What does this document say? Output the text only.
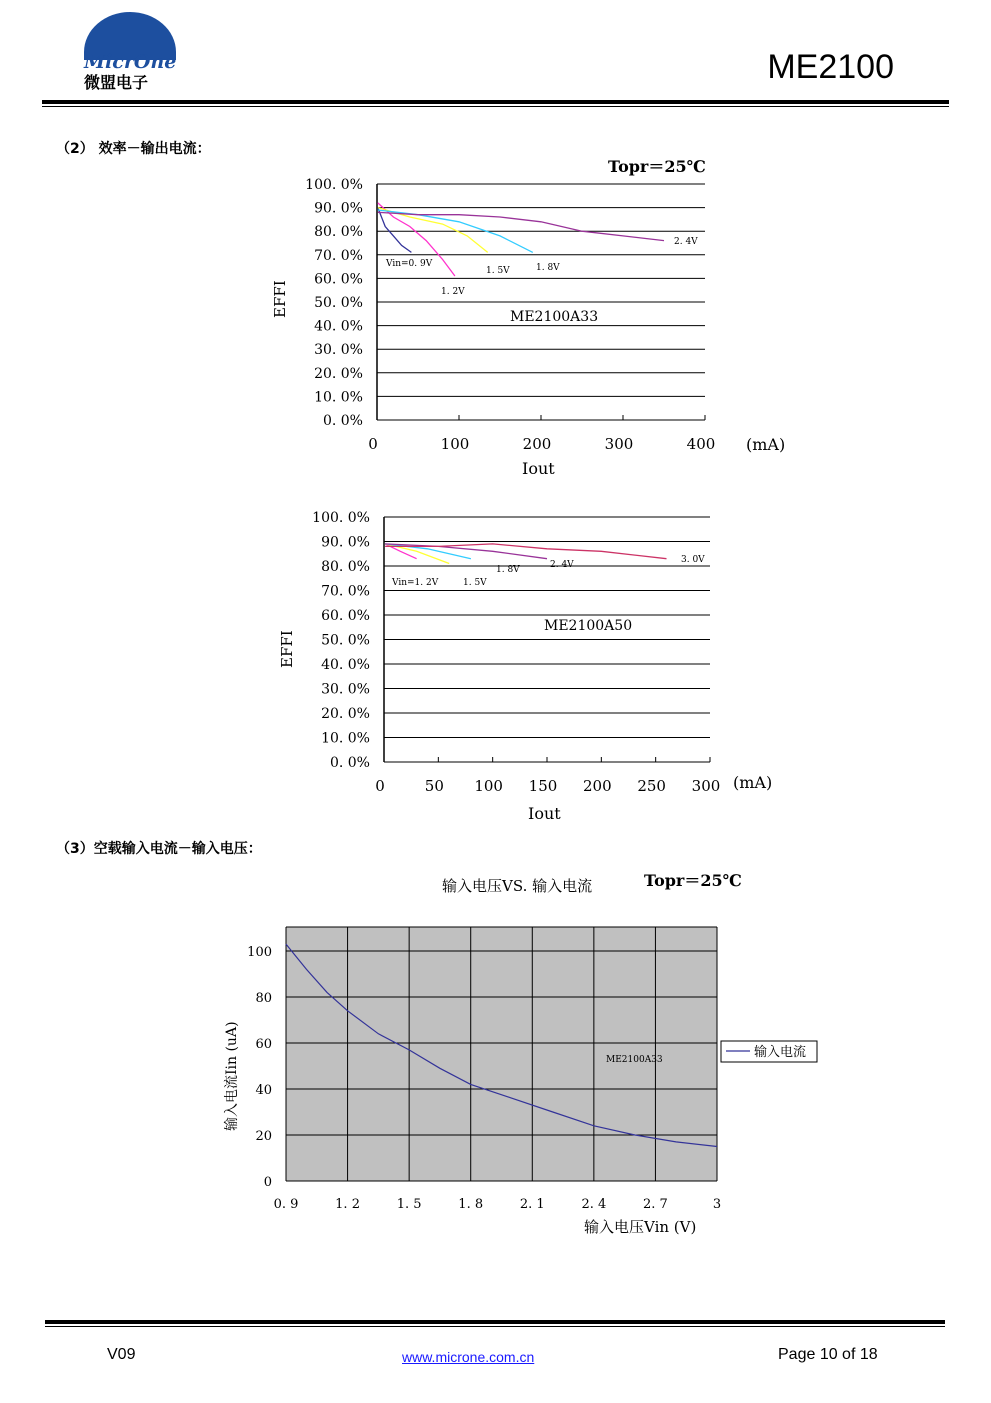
MicrOne
微盟电子	ME2100
（2） 效率－输出电流：
Topr＝25℃
100. 0%
90. 0%
80. 0%
70. 0%
60. 0%
50. 0%
40. 0%
30. 0%
20. 0%
10. 0%
0. 0%
0	100	200	300	400
EFFI
Iout
(mA)
ME2100A33
Vin=0. 9V
1. 2V
1. 5V	1. 8V
2. 4V
100. 0%
90. 0%
80. 0%
70. 0%
60. 0%
50. 0%
40. 0%
30. 0%
20. 0%
10. 0%
0. 0%
0	50 100 150 200 250 300
EFFI
Iout
(mA)
ME2100A50
Vin=1. 2V	1. 5V
1. 8V	2. 4V	3. 0V
（3）空载输入电流－输入电压：
输入电压VS. 输入电流	Topr＝25℃
100
80
60
40
20
0
0. 9	1. 2	1. 5	1. 8	2. 1	2. 4	2. 7	3
输入电流Iin (uA)
输入电压Vin (V)
ME2100A33	输入电流
V09	www.microne.com.cn	Page 10 of 18
